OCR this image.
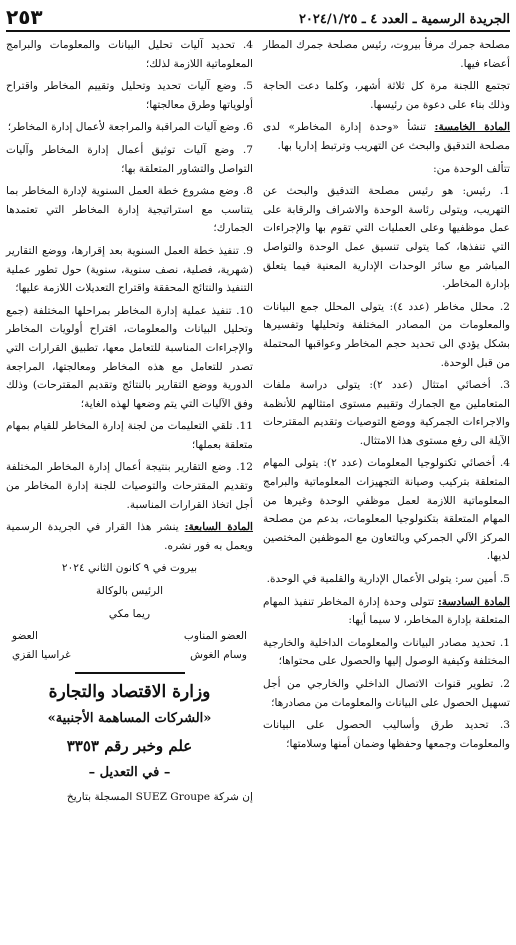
الجريدة الرسمية ـ العدد ٤ ـ ٢٠٢٤/١/٢٥
٢٥٣

مصلحة جمرك مرفأ بيروت، رئيس مصلحة جمرك المطار أعضاء فيها.

تجتمع اللجنة مرة كل ثلاثة أشهر، وكلما دعت الحاجة وذلك بناء على دعوة من رئيسها.

المادة الخامسة: تنشأ «وحدة إدارة المخاطر» لدى مصلحة التدقيق والبحث عن التهريب وترتبط إداريا بها.

تتألف الوحدة من:

1. رئيس: هو رئيس مصلحة التدقيق والبحث عن التهريب، ويتولى رئاسة الوحدة والاشراف والرقابة على عمل موظفيها وعلى العمليات التي تقوم بها والإجراءات التي تنفذها، كما يتولى تنسيق عمل الوحدة والتواصل المباشر مع سائر الوحدات الإدارية المعنية فيما يتعلق بإدارة المخاطر.

2. محلل مخاطر (عدد ٤): يتولى المحلل جمع البيانات والمعلومات من المصادر المختلفة وتحليلها وتفسيرها بشكل يؤدي الى تحديد حجم المخاطر وعواقبها المحتملة من قبل الوحدة.

3. أخصائي امتثال (عدد ٢): يتولى دراسة ملفات المتعاملين مع الجمارك وتقييم مستوى امتثالهم للأنظمة والاجراءات الجمركية ووضع التوصيات وتقديم المقترحات الآيلة الى رفع مستوى هذا الامتثال.

4. أخصائي تكنولوجيا المعلومات (عدد ٢): يتولى المهام المتعلقة بتركيب وصيانة التجهيزات المعلوماتية والبرامج المعلوماتية اللازمة لعمل موظفي الوحدة وغيرها من المهام المتعلقة بتكنولوجيا المعلومات، بدعم من مصلحة المركز الآلي الجمركي وبالتعاون مع الموظفين المختصين لديها.

5. أمين سر: يتولى الأعمال الإدارية والقلمية في الوحدة.

المادة السادسة: تتولى وحدة إدارة المخاطر تنفيذ المهام المتعلقة بإدارة المخاطر، لا سيما أيها:

1. تحديد مصادر البيانات والمعلومات الداخلية والخارجية المختلفة وكيفية الوصول إليها والحصول على محتواها؛

2. تطوير قنوات الاتصال الداخلي والخارجي من أجل تسهيل الحصول على البيانات والمعلومات من مصادرها؛

3. تحديد طرق وأساليب الحصول على البيانات والمعلومات وجمعها وحفظها وضمان أمنها وسلامتها؛

4. تحديد آليات تحليل البيانات والمعلومات والبرامج المعلوماتية اللازمة لذلك؛

5. وضع آليات تحديد وتحليل وتقييم المخاطر واقتراح أولوياتها وطرق معالجتها؛

6. وضع آليات المراقبة والمراجعة لأعمال إدارة المخاطر؛

7. وضع آليات توثيق أعمال إدارة المخاطر وآليات التواصل والتشاور المتعلقة بها؛

8. وضع مشروع خطة العمل السنوية لإدارة المخاطر بما يتناسب مع استراتيجية إدارة المخاطر التي تعتمدها الجمارك؛

9. تنفيذ خطة العمل السنوية بعد إقرارها، ووضع التقارير (شهرية، فصلية، نصف سنوية، سنوية) حول تطور عملية التنفيذ والنتائج المحققة واقتراح التعديلات اللازمة عليها؛

10. تنفيذ عملية إدارة المخاطر بمراحلها المختلفة (جمع وتحليل البيانات والمعلومات، اقتراح أولويات المخاطر والإجراءات المناسبة للتعامل معها، تطبيق القرارات التي تصدر للتعامل مع هذه المخاطر ومعالجتها، المراجعة الدورية ووضع التقارير بالنتائج وتقديم المقترحات) وذلك وفق الآليات التي يتم وضعها لهذه الغاية؛

11. تلقي التعليمات من لجنة إدارة المخاطر للقيام بمهام متعلقة بعملها؛

12. وضع التقارير بنتيجة أعمال إدارة المخاطر المختلفة وتقديم المقترحات والتوصيات للجنة إدارة المخاطر من أجل اتخاذ القرارات المناسبة.

المادة السابعة: ينشر هذا القرار في الجريدة الرسمية ويعمل به فور نشره.

بيروت في ٩ كانون الثاني ٢٠٢٤

الرئيس بالوكالة

ريما مكي

العضو المناوب
العضو
وسام الغوش
غراسيا القزي

وزارة الاقتصاد والتجارة

«الشركات المساهمة الأجنبية»

علم وخبر رقم ٣٣٥٣

– في التعديل –

إن شركة SUEZ Groupe المسجلة بتاريخ
